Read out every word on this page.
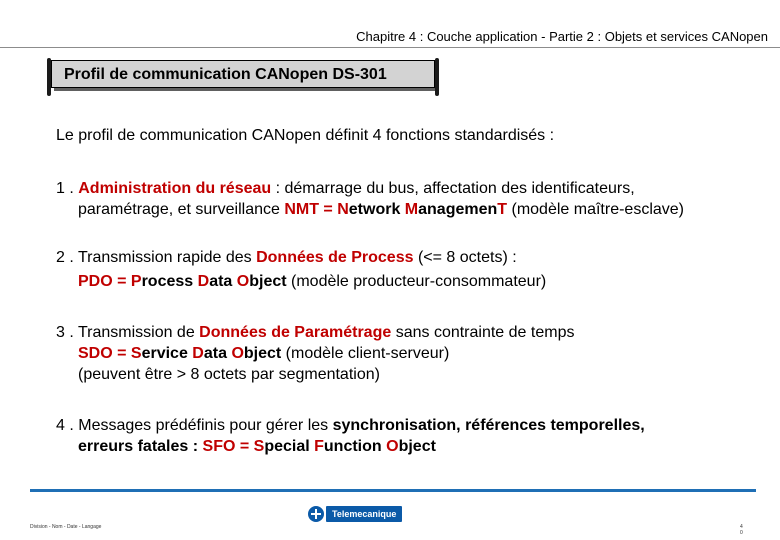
Chapitre 4 : Couche application - Partie 2 : Objets et services CANopen
Profil de communication CANopen DS-301

Le profil de communication CANopen définit 4 fonctions standardisés :

1 . Administration du réseau : démarrage du bus, affectation des identificateurs,

paramétrage, et surveillance NMT = Network ManagemenT (modèle maître-esclave)

2 . Transmission rapide des Données de Process (<= 8 octets) :

PDO = Process Data Object (modèle producteur-consommateur)

3 . Transmission de Données de Paramétrage sans contrainte de temps

SDO = Service Data Object (modèle client-serveur)

(peuvent être > 8 octets par segmentation)

4 . Messages prédéfinis pour gérer les synchronisation, références temporelles,

erreurs fatales : SFO = Special Function Object

Division - Nom - Date - Langage
Telemecanique
4
0
